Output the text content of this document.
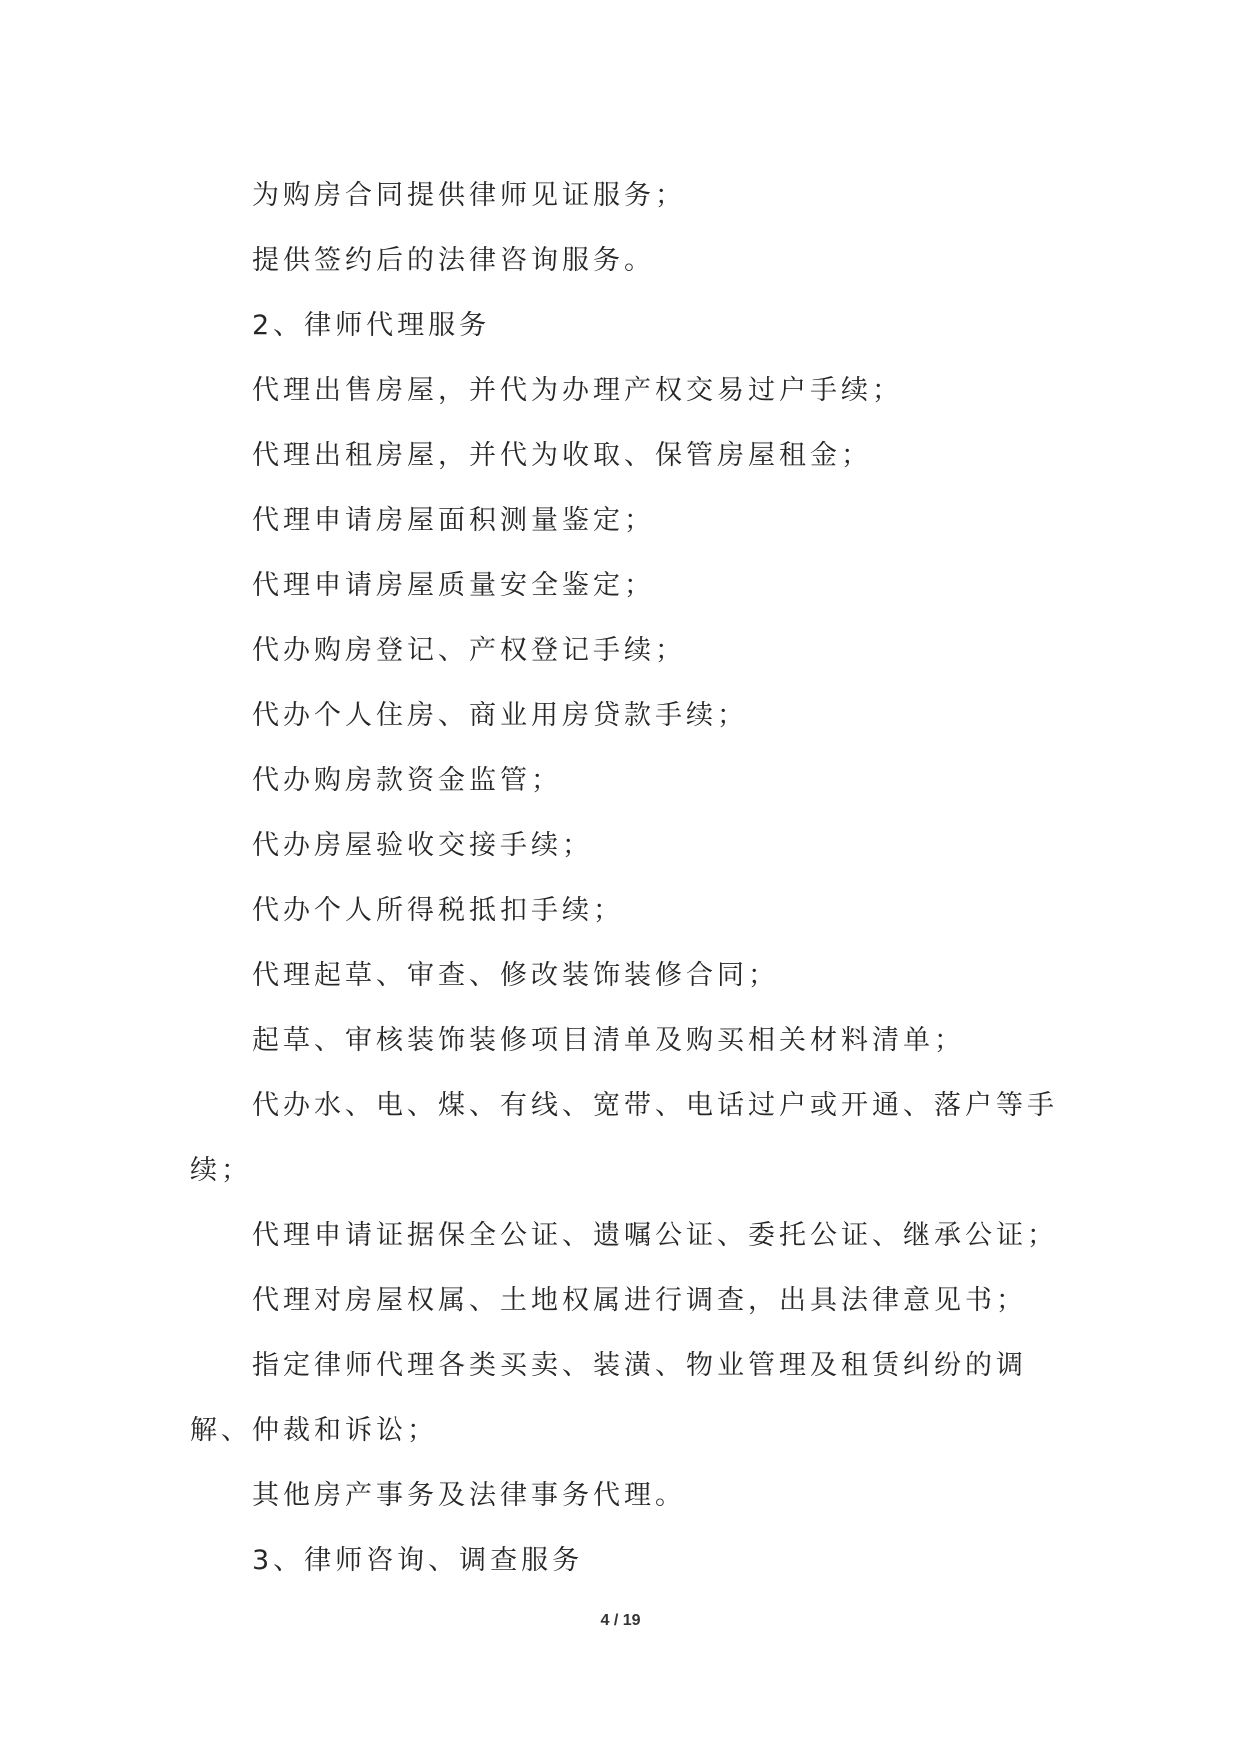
为购房合同提供律师见证服务；

提供签约后的法律咨询服务。

2、律师代理服务

代理出售房屋，并代为办理产权交易过户手续；

代理出租房屋，并代为收取、保管房屋租金；

代理申请房屋面积测量鉴定；

代理申请房屋质量安全鉴定；

代办购房登记、产权登记手续；

代办个人住房、商业用房贷款手续；

代办购房款资金监管；

代办房屋验收交接手续；

代办个人所得税抵扣手续；

代理起草、审查、修改装饰装修合同；

起草、审核装饰装修项目清单及购买相关材料清单；

代办水、电、煤、有线、宽带、电话过户或开通、落户等手续；

代理申请证据保全公证、遗嘱公证、委托公证、继承公证；

代理对房屋权属、土地权属进行调查，出具法律意见书；

指定律师代理各类买卖、装潢、物业管理及租赁纠纷的调解、仲裁和诉讼；

其他房产事务及法律事务代理。

3、律师咨询、调查服务

4 / 19
